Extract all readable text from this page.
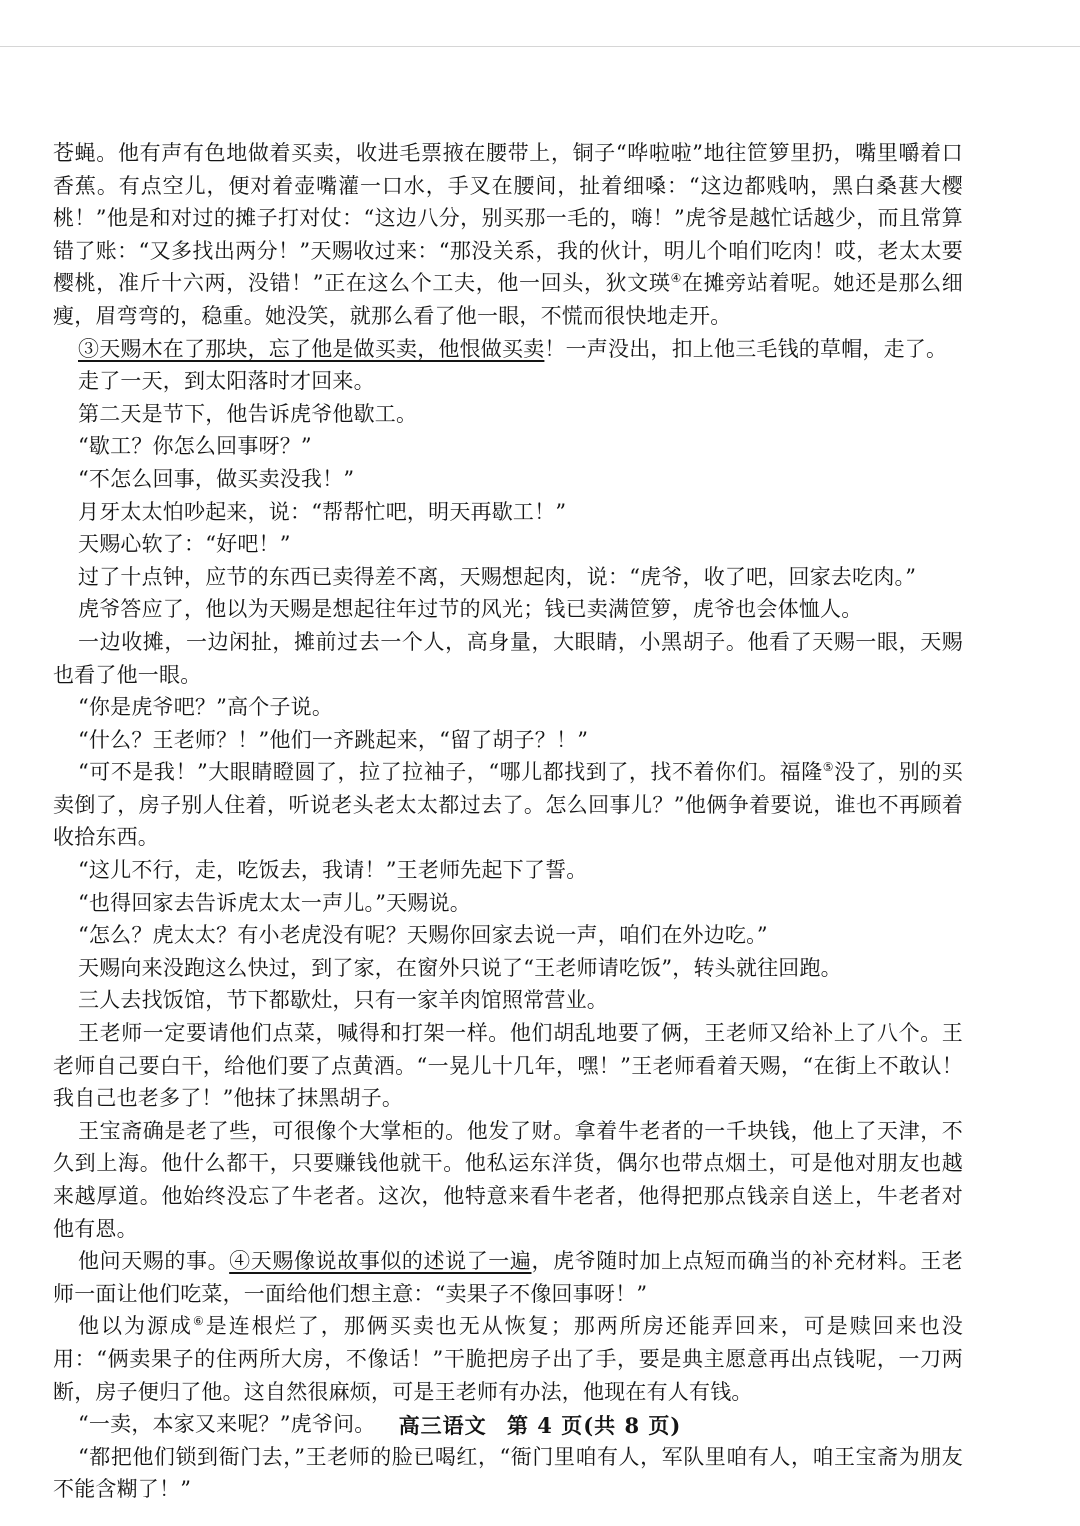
苍蝇。他有声有色地做着买卖，收进毛票掖在腰带上，铜子“哗啦啦”地往笸箩里扔，嘴里嚼着口香蕉。有点空儿，便对着壶嘴灌一口水，手叉在腰间，扯着细嗓：“这边都贱呐，黑白桑葚大樱桃！”他是和对过的摊子打对仗：“这边八分，别买那一毛的，嗨！”虎爷是越忙话越少，而且常算错了账：“又多找出两分！”天赐收过来：“那没关系，我的伙计，明儿个咱们吃肉！哎，老太太要樱桃，准斤十六两，没错！”正在这么个工夫，他一回头，狄文瑛④在摊旁站着呢。她还是那么细瘦，眉弯弯的，稳重。她没笑，就那么看了他一眼，不慌而很快地走开。

③天赐木在了那块，忘了他是做买卖，他恨做买卖！一声没出，扣上他三毛钱的草帽，走了。

走了一天，到太阳落时才回来。

第二天是节下，他告诉虎爷他歇工。

“歇工？你怎么回事呀？”

“不怎么回事，做买卖没我！”

月牙太太怕吵起来，说：“帮帮忙吧，明天再歇工！”

天赐心软了：“好吧！”

过了十点钟，应节的东西已卖得差不离，天赐想起肉，说：“虎爷，收了吧，回家去吃肉。”

虎爷答应了，他以为天赐是想起往年过节的风光；钱已卖满笸箩，虎爷也会体恤人。

一边收摊，一边闲扯，摊前过去一个人，高身量，大眼睛，小黑胡子。他看了天赐一眼，天赐也看了他一眼。

“你是虎爷吧？”高个子说。

“什么？王老师？！”他们一齐跳起来，“留了胡子？！”

“可不是我！”大眼睛瞪圆了，拉了拉袖子，“哪儿都找到了，找不着你们。福隆⑤没了，别的买卖倒了，房子别人住着，听说老头老太太都过去了。怎么回事儿？”他俩争着要说，谁也不再顾着收拾东西。

“这儿不行，走，吃饭去，我请！”王老师先起下了誓。

“也得回家去告诉虎太太一声儿。”天赐说。

“怎么？虎太太？有小老虎没有呢？天赐你回家去说一声，咱们在外边吃。”

天赐向来没跑这么快过，到了家，在窗外只说了“王老师请吃饭”，转头就往回跑。

三人去找饭馆，节下都歇灶，只有一家羊肉馆照常营业。

王老师一定要请他们点菜，喊得和打架一样。他们胡乱地要了俩，王老师又给补上了八个。王老师自己要白干，给他们要了点黄酒。“一晃儿十几年，嘿！”王老师看着天赐，“在街上不敢认！我自己也老多了！”他抹了抹黑胡子。

王宝斋确是老了些，可很像个大掌柜的。他发了财。拿着牛老者的一千块钱，他上了天津，不久到上海。他什么都干，只要赚钱他就干。他私运东洋货，偶尔也带点烟土，可是他对朋友也越来越厚道。他始终没忘了牛老者。这次，他特意来看牛老者，他得把那点钱亲自送上，牛老者对他有恩。

他问天赐的事。④天赐像说故事似的述说了一遍，虎爷随时加上点短而确当的补充材料。王老师一面让他们吃菜，一面给他们想主意：“卖果子不像回事呀！”

他以为源成⑥是连根烂了，那俩买卖也无从恢复；那两所房还能弄回来，可是赎回来也没用：“俩卖果子的住两所大房，不像话！”干脆把房子出了手，要是典主愿意再出点钱呢，一刀两断，房子便归了他。这自然很麻烦，可是王老师有办法，他现在有人有钱。

“一卖，本家又来呢？”虎爷问。

“都把他们锁到衙门去，”王老师的脸已喝红，“衙门里咱有人，军队里咱有人，咱王宝斋为朋友不能含糊了！”

高三语文 第 4 页(共 8 页)
